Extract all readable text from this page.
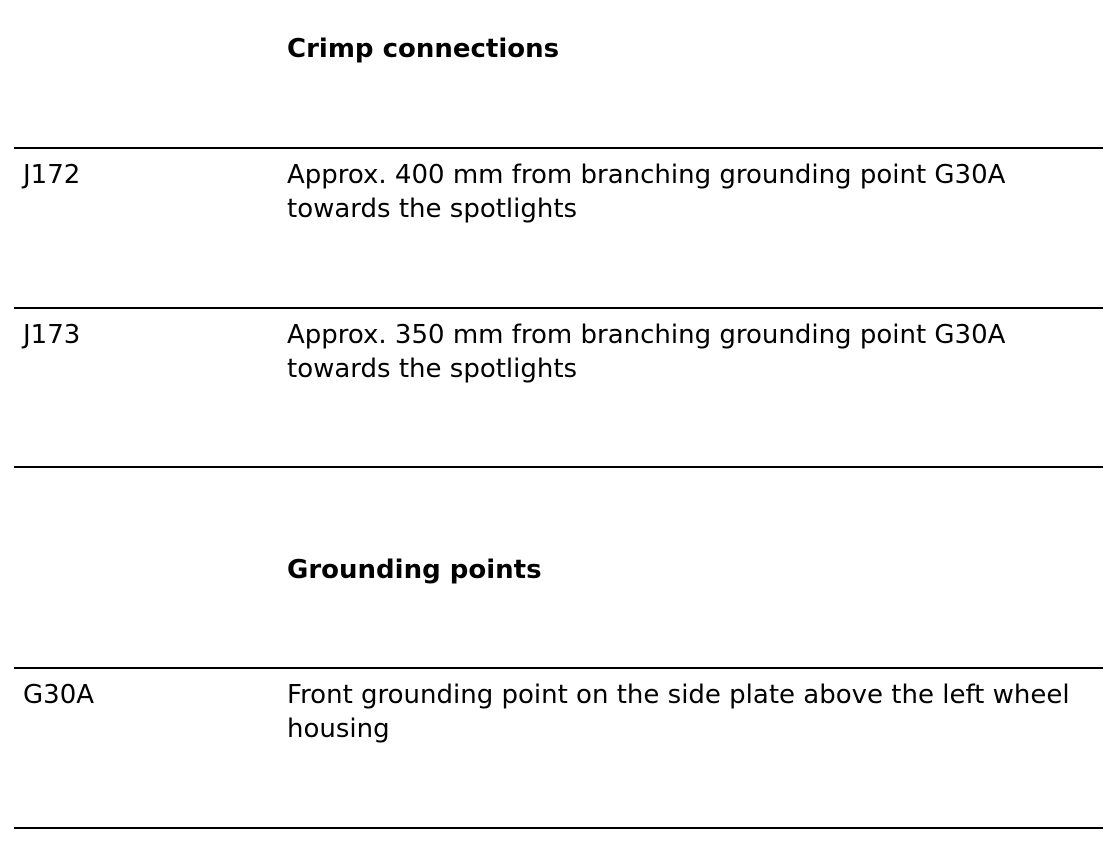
Crimp connections
J172	Approx. 400 mm from branching grounding point G30A towards the spotlights
J173	Approx. 350 mm from branching grounding point G30A towards the spotlights
Grounding points
G30A	Front grounding point on the side plate above the left wheel housing
